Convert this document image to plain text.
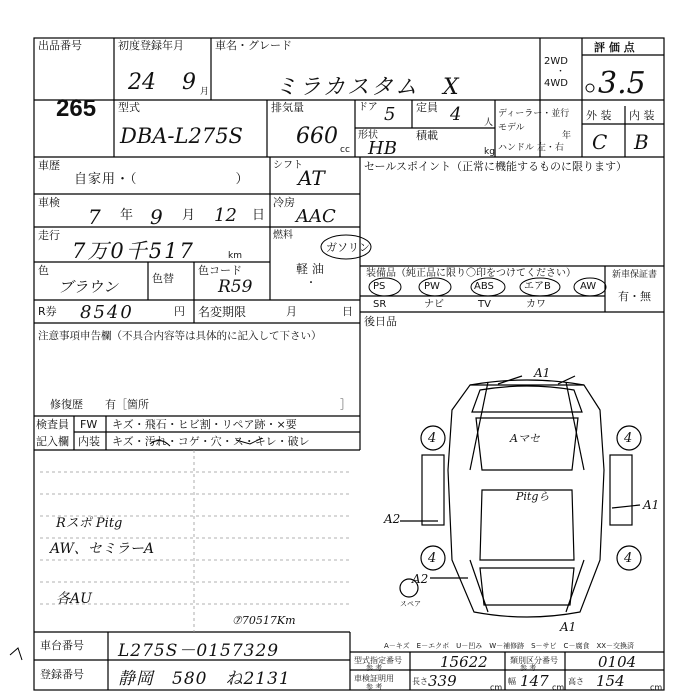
出品番号
265
初度登録年月
24 9 月
車名・グレード
ミラカスタム　X
2WD
・
4WD
評 価 点
3.5
型式
DBA-L275S
排気量
660
cc
ドア 5 定員 4	人
形状
HB
積載
kg
ディーラー・並行
モデル
年
ハンドル 左・右
外 装 内 装
C B
車歴
自家用・（　　　　　　　）
シフト
AT
車検
7 年 9 月 12 日
冷房
AAC
走行
7万0千517	km
燃料
ガソリン
軽 油
・
色
ブラウン	色替
色コード
R59
R券 8540	円 名変期限	月	日
セールスポイント（正常に機能するものに限ります）
装備品（純正品に限り〇印をつけてください）
PS	PW	ABS	エアB	AW
SR	ナビ	TV	カワ
新車保証書
有・無
後日品
注意事項申告欄（不具合内容等は具体的に記入して下さい）
修復歴　　有［箇所	］
検査員
記入欄
FW キズ・飛石・ヒビ割・リペア跡・×要
内装 キズ・汚れ・コゲ・穴・ス・キレ・破レ
Rスポ Pitg
AW、セミラーA
各AU
A1
A1
A1
A2
A2
4	4
4	4
Aマセ
Pitgら
スペア
⑦70517Km
A－キズ　E－エクボ　U－凹み　W－補修跡　S－サビ　C－腐食　XX－交換済
車台番号 L275S－0157329
登録番号 静岡　580　ね2131
型式指定番号
参 考	15622	類別区分番号
参 考	0104
車検証明用
参 考
長さ 339	cm
幅 147 cm
高さ 154	cm
